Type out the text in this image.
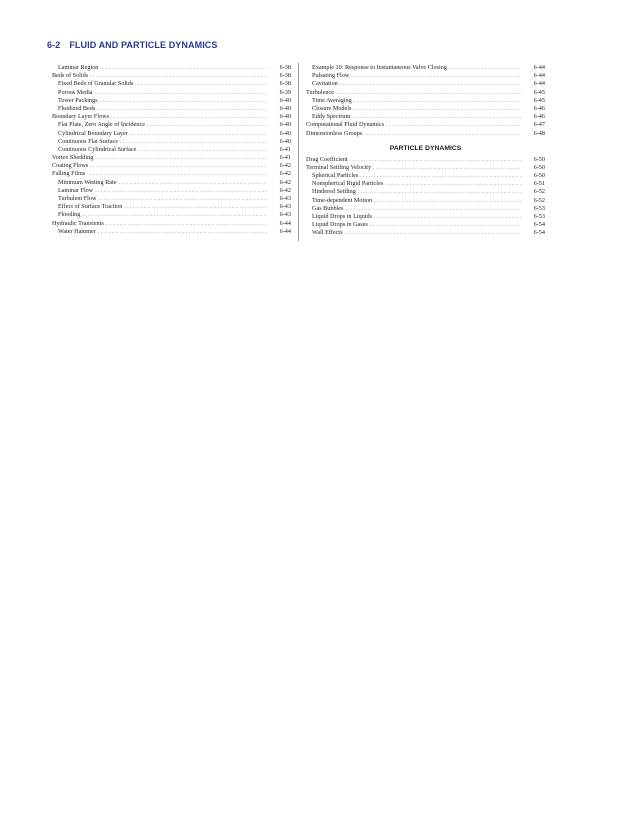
6-2 FLUID AND PARTICLE DYNAMICS
Laminar Region . . .	6-38
Beds of Solids . . .	6-38
Fixed Beds of Granular Solids . . .	6-38
Porous Media . . .	6-39
Tower Packings . . .	6-40
Fluidized Beds . . .	6-40
Boundary Layer Flows . . .	6-40
Flat Plate, Zero Angle of Incidence . . .	6-40
Cylindrical Boundary Layer . . .	6-40
Continuous Flat Surface . . .	6-40
Continuous Cylindrical Surface . . .	6-41
Vortex Shedding . . .	6-41
Coating Flows . . .	6-42
Falling Films . . .	6-42
Minimum Wetting Rate . . .	6-42
Laminar Flow . . .	6-42
Turbulent Flow . . .	6-43
Effect of Surface Traction . . .	6-43
Flooding . . .	6-43
Hydraulic Transients . . .	6-44
Water Hammer . . .	6-44
Example 10: Response to Instantaneous Valve Closing . . .	6-44
Pulsating Flow . . .	6-44
Cavitation . . .	6-44
Turbulence . . .	6-45
Time Averaging . . .	6-45
Closure Models . . .	6-46
Eddy Spectrum . . .	6-46
Computational Fluid Dynamics . . .	6-47
Dimensionless Groups . . .	6-48
PARTICLE DYNAMICS
Drag Coefficient . . .	6-50
Terminal Settling Velocity . . .	6-50
Spherical Particles . . .	6-50
Nonspherical Rigid Particles . . .	6-51
Hindered Settling . . .	6-52
Time-dependent Motion . . .	6-52
Gas Bubbles . . .	6-53
Liquid Drops in Liquids . . .	6-53
Liquid Drops in Gases . . .	6-54
Wall Effects . . .	6-54
